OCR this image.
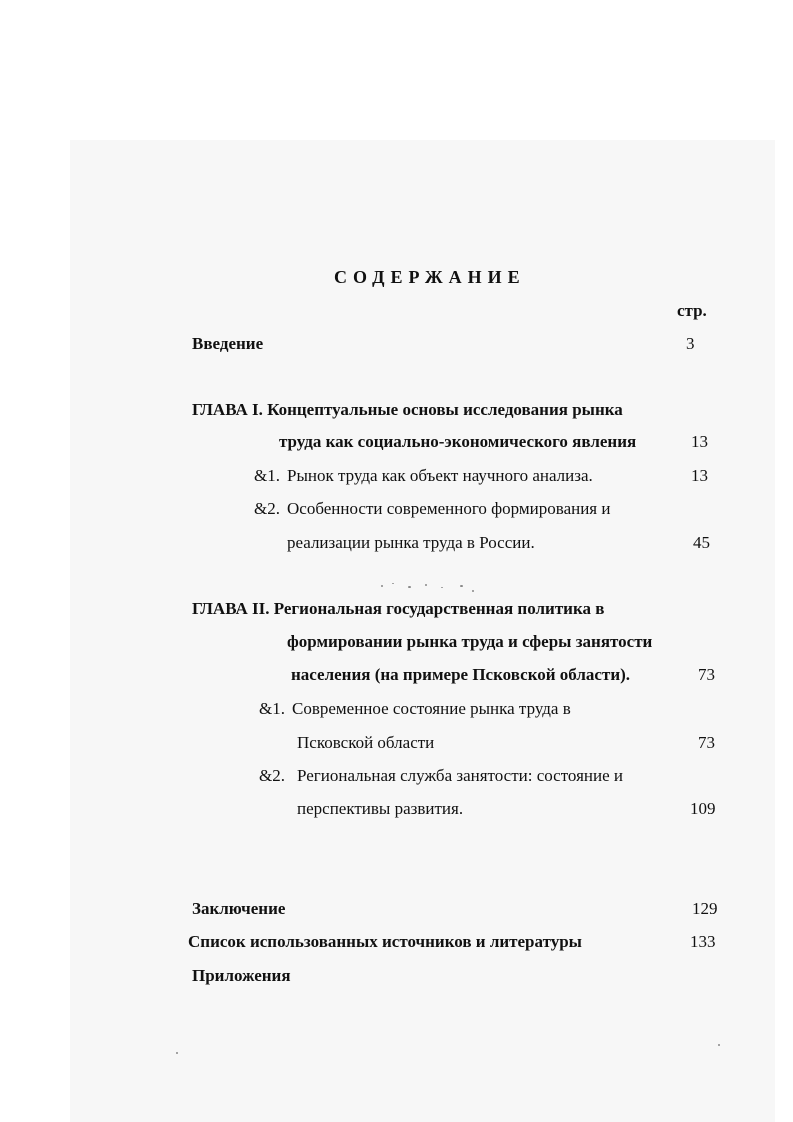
СОДЕРЖАНИЕ
стр.
Введение	3
ГЛАВА I. Концептуальные основы исследования рынка
труда как социально-экономического явления	13
&1. Рынок труда как объект научного анализа.	13
&2. Особенности современного формирования и
реализации рынка труда в России.	45
ГЛАВА II. Региональная государственная политика в
формировании рынка труда и сферы занятости
населения (на примере Псковской области).	73
&1. Современное состояние рынка труда в
Псковской области	73
&2. Региональная служба занятости: состояние и
перспективы развития.	109
Заключение	129
Список использованных источников и литературы	133
Приложения
